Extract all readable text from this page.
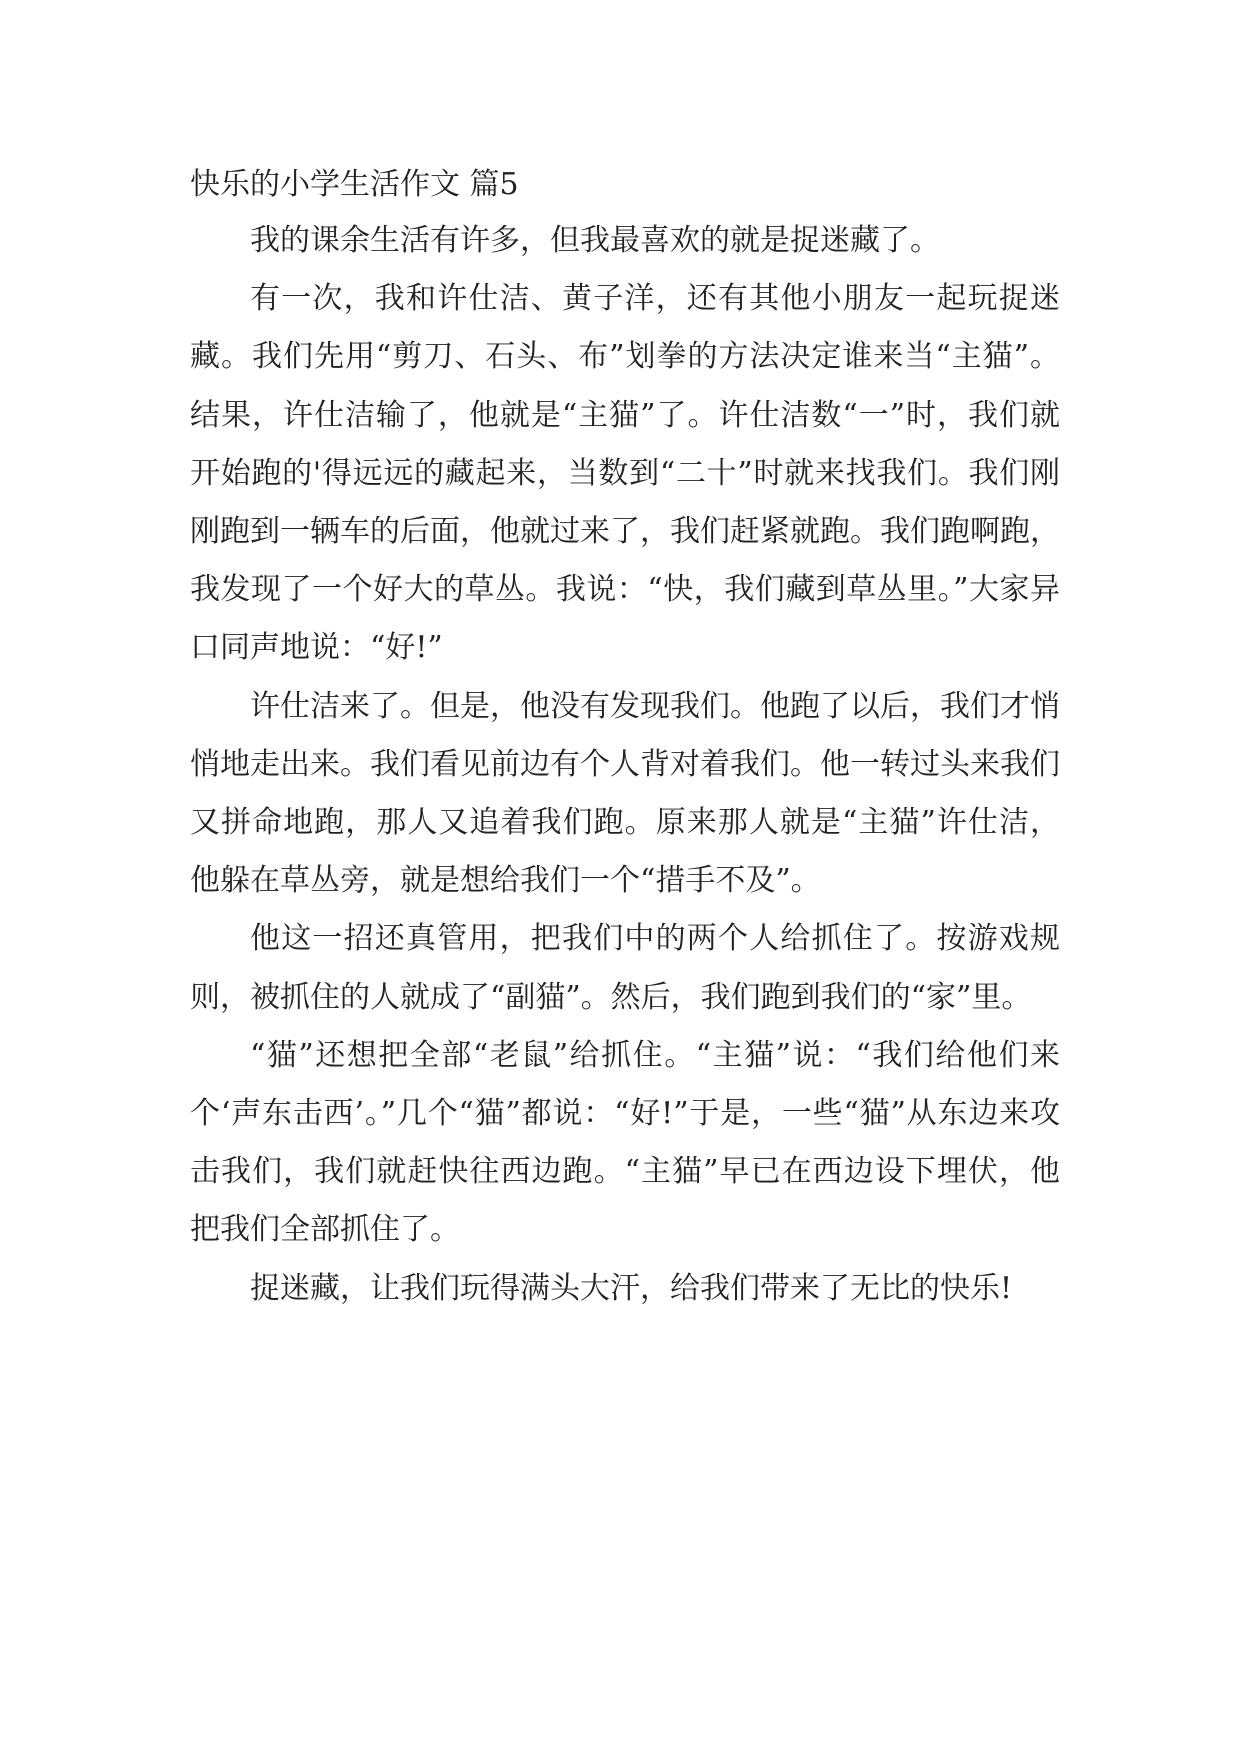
快乐的小学生活作文 篇5

我的课余生活有许多，但我最喜欢的就是捉迷藏了。

有一次，我和许仕洁、黄子洋，还有其他小朋友一起玩捉迷藏。我们先用“剪刀、石头、布”划拳的方法决定谁来当“主猫”。结果，许仕洁输了，他就是“主猫”了。许仕洁数“一”时，我们就开始跑的'得远远的藏起来，当数到“二十”时就来找我们。我们刚刚跑到一辆车的后面，他就过来了，我们赶紧就跑。我们跑啊跑，我发现了一个好大的草丛。我说：“快，我们藏到草丛里。”大家异口同声地说：“好!”

许仕洁来了。但是，他没有发现我们。他跑了以后，我们才悄悄地走出来。我们看见前边有个人背对着我们。他一转过头来我们又拼命地跑，那人又追着我们跑。原来那人就是“主猫”许仕洁，他躲在草丛旁，就是想给我们一个“措手不及”。

他这一招还真管用，把我们中的两个人给抓住了。按游戏规则，被抓住的人就成了“副猫”。然后，我们跑到我们的“家”里。

“猫”还想把全部“老鼠”给抓住。“主猫”说：“我们给他们来个‘声东击西’。”几个“猫”都说：“好!”于是，一些“猫”从东边来攻击我们，我们就赶快往西边跑。“主猫”早已在西边设下埋伏，他把我们全部抓住了。

捉迷藏，让我们玩得满头大汗，给我们带来了无比的快乐!
